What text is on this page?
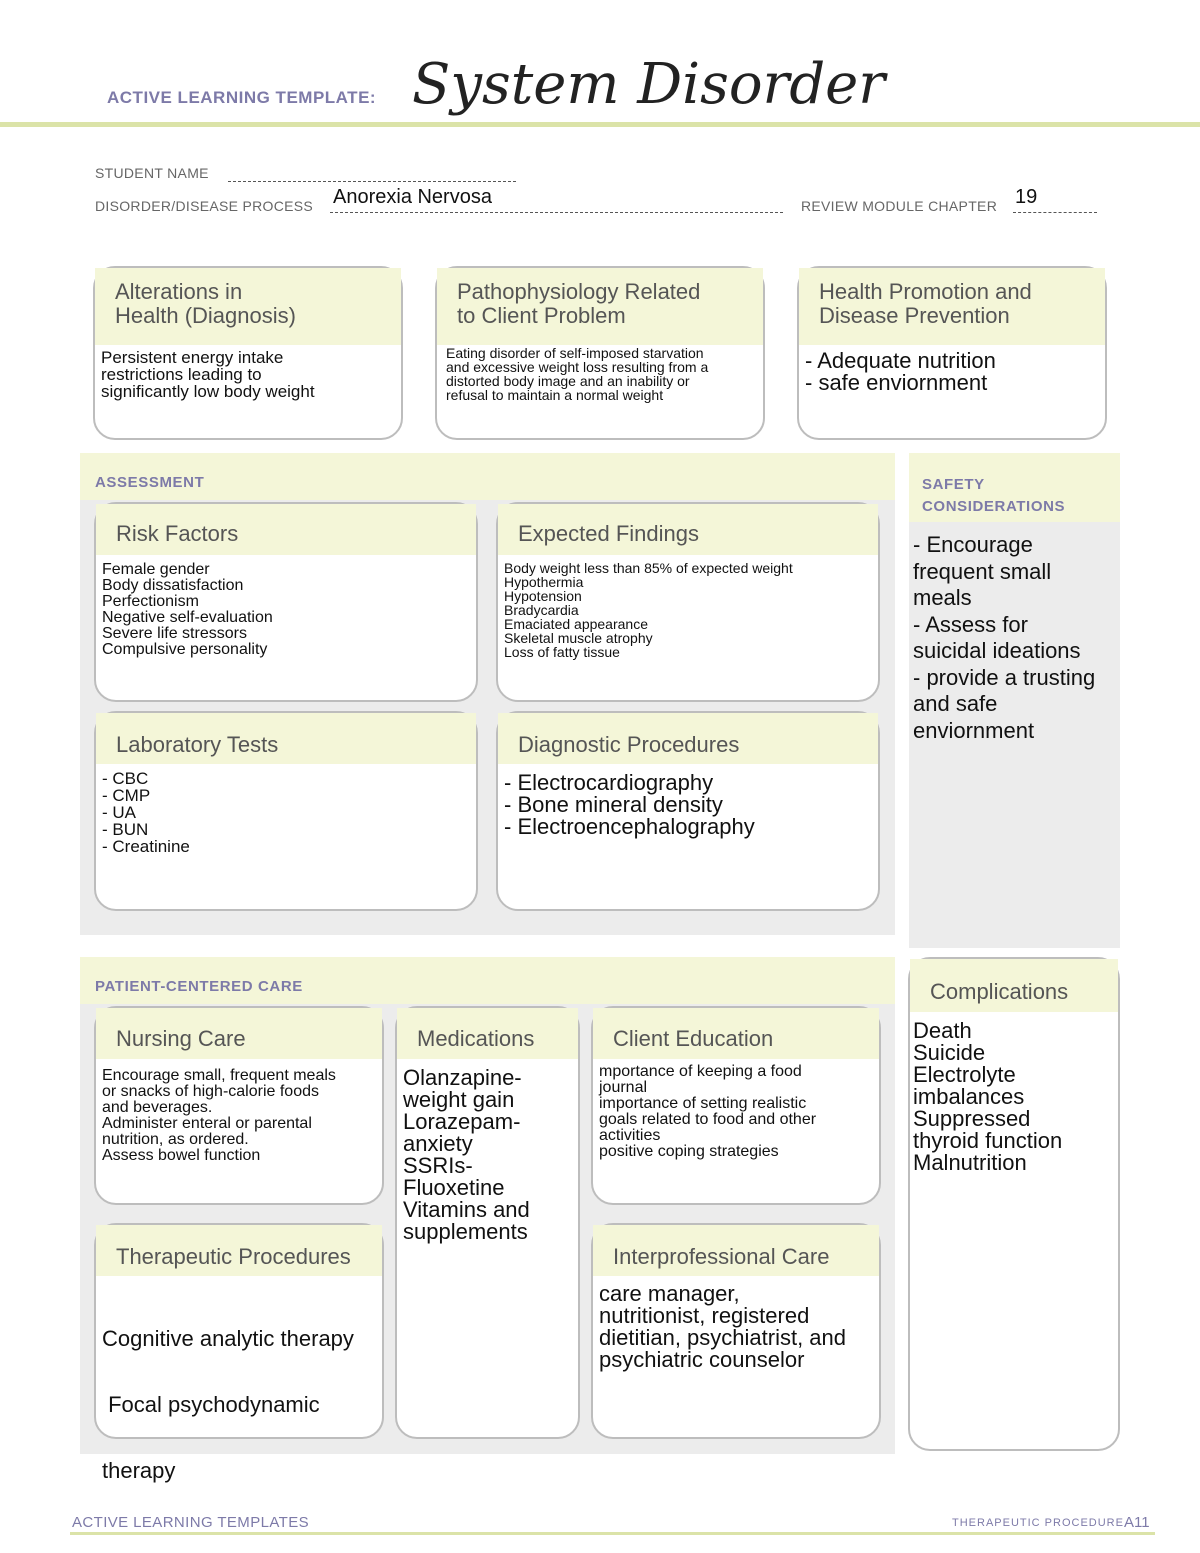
ACTIVE LEARNING TEMPLATE: System Disorder
STUDENT NAME
DISORDER/DISEASE PROCESS Anorexia Nervosa	REVIEW MODULE CHAPTER 19
Alterations in
Health (Diagnosis)
Persistent energy intake
restrictions leading to
significantly low body weight
Pathophysiology Related
to Client Problem
Eating disorder of self-imposed starvation
and excessive weight loss resulting from a
distorted body image and an inability or
refusal to maintain a normal weight
Health Promotion and
Disease Prevention
- Adequate nutrition
- safe enviornment
ASSESSMENT
Risk Factors
Female gender
Body dissatisfaction
Perfectionism
Negative self-evaluation
Severe life stressors
Compulsive personality
Expected Findings
Body weight less than 85% of expected weight
Hypothermia
Hypotension
Bradycardia
Emaciated appearance
Skeletal muscle atrophy
Loss of fatty tissue
Laboratory Tests
- CBC
- CMP
- UA
- BUN
- Creatinine
Diagnostic Procedures
- Electrocardiography
- Bone mineral density
- Electroencephalography
SAFETY
CONSIDERATIONS
- Encourage
frequent small
meals
- Assess for
suicidal ideations
- provide a trusting
and safe
enviornment
PATIENT-CENTERED CARE
Nursing Care
Encourage small, frequent meals
or snacks of high-calorie foods
and beverages.
Administer enteral or parental
nutrition, as ordered.
Assess bowel function
Medications
Olanzapine-
weight gain
Lorazepam-
anxiety
SSRIs-
Fluoxetine
Vitamins and
supplements
Client Education
mportance of keeping a food
journal
importance of setting realistic
goals related to food and other
activities
positive coping strategies
Therapeutic Procedures

Cognitive analytic therapy

Focal psychodynamic

therapy

Interprofessional Care
care manager,
nutritionist, registered
dietitian, psychiatrist, and
psychiatric counselor
Complications
Death
Suicide
Electrolyte
imbalances
Suppressed
thyroid function
Malnutrition
ACTIVE LEARNING TEMPLATES	THERAPEUTIC PROCEDURE A11
